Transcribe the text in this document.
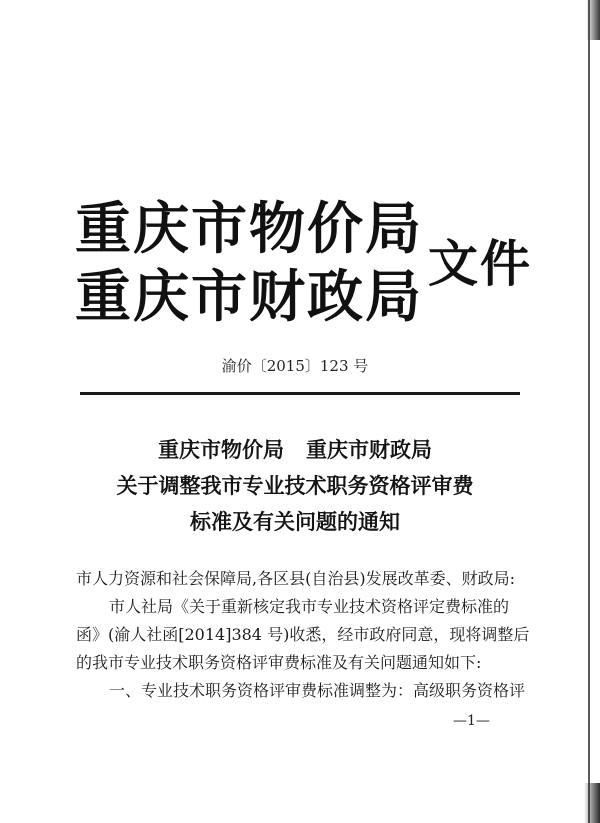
重庆市物价局
重庆市财政局
文件
渝价〔2015〕123 号
重庆市物价局 重庆市财政局
关于调整我市专业技术职务资格评审费
标准及有关问题的通知
市人力资源和社会保障局,各区县(自治县)发展改革委、财政局:
市人社局《关于重新核定我市专业技术资格评定费标准的
函》(渝人社函[2014]384 号)收悉，经市政府同意，现将调整后
的我市专业技术职务资格评审费标准及有关问题通知如下:
一、专业技术职务资格评审费标准调整为：高级职务资格评
—1—
